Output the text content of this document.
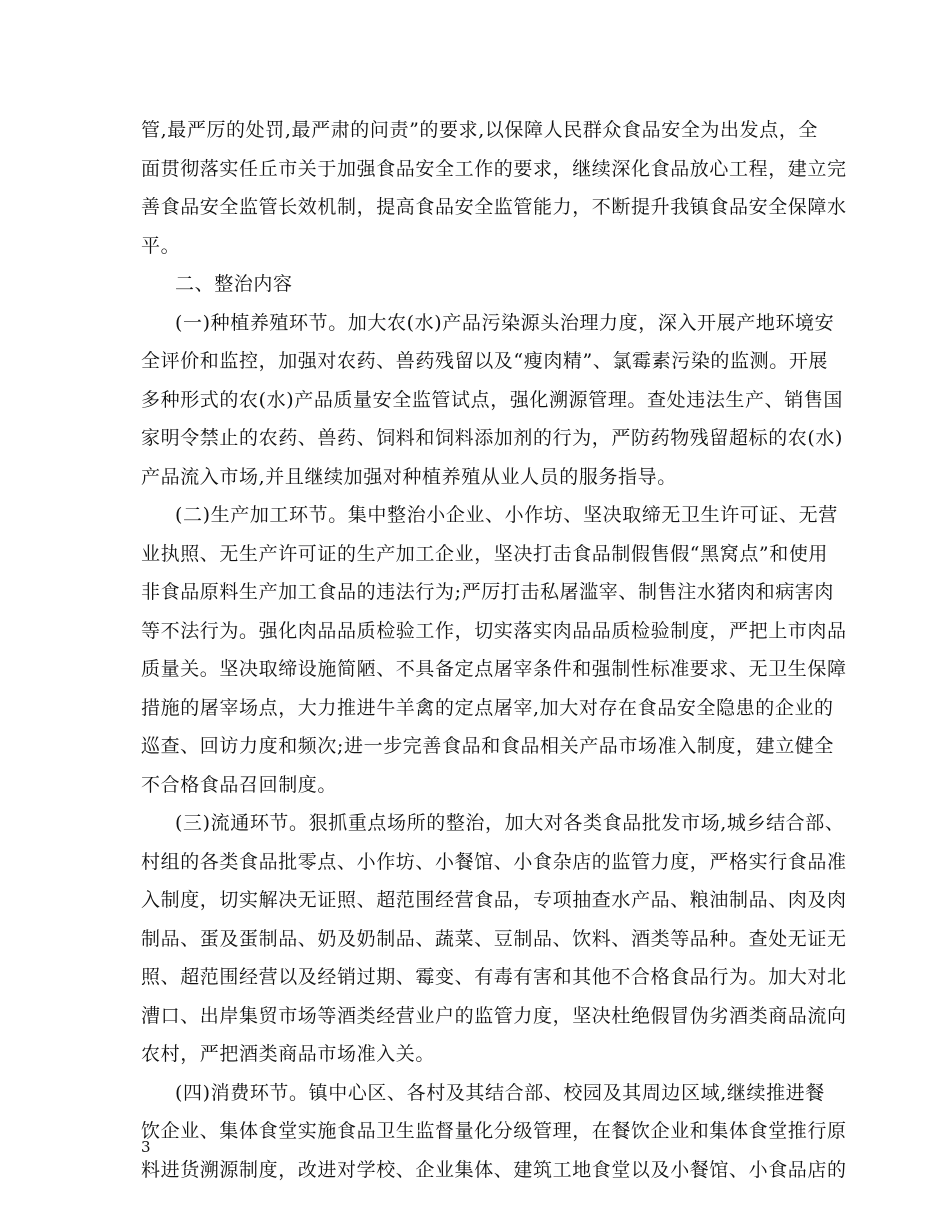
管,最严厉的处罚,最严肃的问责”的要求,以保障人民群众食品安全为出发点，全
面贯彻落实任丘市关于加强食品安全工作的要求，继续深化食品放心工程，建立完
善食品安全监管长效机制，提高食品安全监管能力，不断提升我镇食品安全保障水
平。
二、整治内容
(一)种植养殖环节。加大农(水)产品污染源头治理力度，深入开展产地环境安
全评价和监控，加强对农药、兽药残留以及“瘦肉精”、氯霉素污染的监测。开展
多种形式的农(水)产品质量安全监管试点，强化溯源管理。查处违法生产、销售国
家明令禁止的农药、兽药、饲料和饲料添加剂的行为，严防药物残留超标的农(水)
产品流入市场,并且继续加强对种植养殖从业人员的服务指导。
(二)生产加工环节。集中整治小企业、小作坊、坚决取缔无卫生许可证、无营
业执照、无生产许可证的生产加工企业，坚决打击食品制假售假“黑窝点”和使用
非食品原料生产加工食品的违法行为;严厉打击私屠滥宰、制售注水猪肉和病害肉
等不法行为。强化肉品品质检验工作，切实落实肉品品质检验制度，严把上市肉品
质量关。坚决取缔设施简陋、不具备定点屠宰条件和强制性标准要求、无卫生保障
措施的屠宰场点，大力推进牛羊禽的定点屠宰,加大对存在食品安全隐患的企业的
巡查、回访力度和频次;进一步完善食品和食品相关产品市场准入制度，建立健全
不合格食品召回制度。
(三)流通环节。狠抓重点场所的整治，加大对各类食品批发市场,城乡结合部、
村组的各类食品批零点、小作坊、小餐馆、小食杂店的监管力度，严格实行食品准
入制度，切实解决无证照、超范围经营食品，专项抽查水产品、粮油制品、肉及肉
制品、蛋及蛋制品、奶及奶制品、蔬菜、豆制品、饮料、酒类等品种。查处无证无
照、超范围经营以及经销过期、霉变、有毒有害和其他不合格食品行为。加大对北
漕口、出岸集贸市场等酒类经营业户的监管力度，坚决杜绝假冒伪劣酒类商品流向
农村，严把酒类商品市场准入关。
(四)消费环节。镇中心区、各村及其结合部、校园及其周边区域,继续推进餐
饮企业、集体食堂实施食品卫生监督量化分级管理，在餐饮企业和集体食堂推行原
料进货溯源制度，改进对学校、企业集体、建筑工地食堂以及小餐馆、小食品店的
3
